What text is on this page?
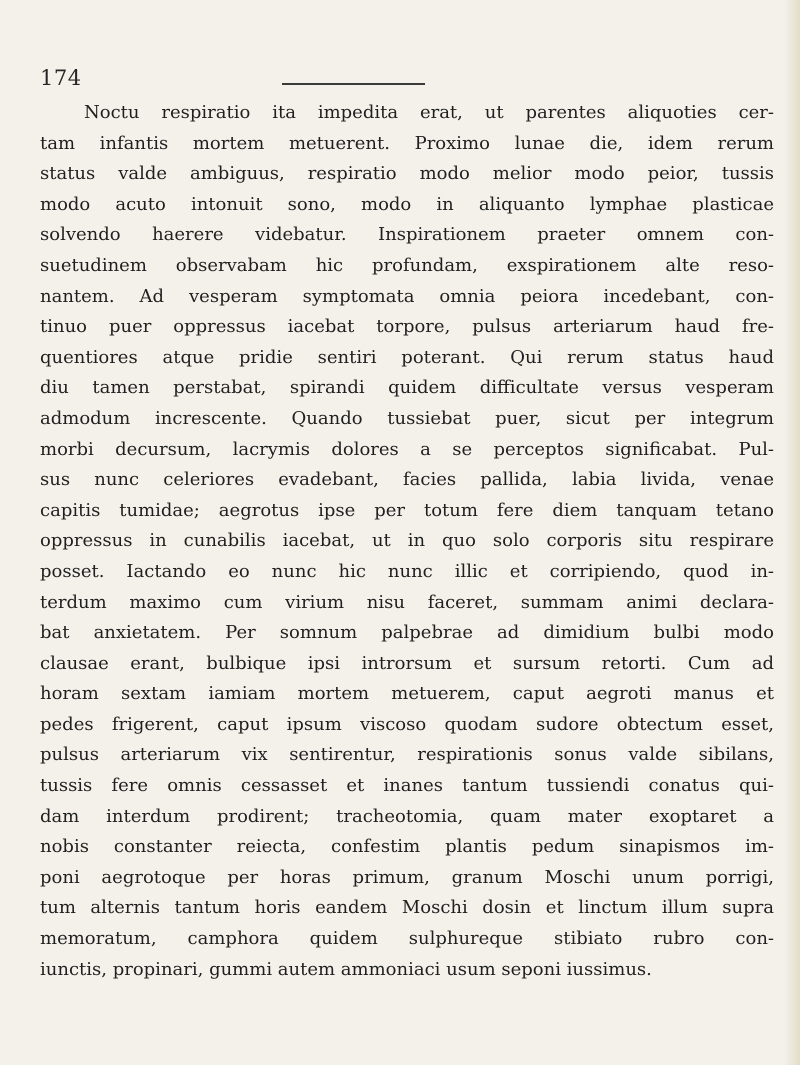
174
Noctu respiratio ita impedita erat, ut parentes aliquoties cer-
tam infantis mortem metuerent. Proximo lunae die, idem rerum
status valde ambiguus, respiratio modo melior modo peior, tussis
modo acuto intonuit sono, modo in aliquanto lymphae plasticae
solvendo haerere videbatur. Inspirationem praeter omnem con-
suetudinem observabam hic profundam, exspirationem alte reso-
nantem. Ad vesperam symptomata omnia peiora incedebant, con-
tinuo puer oppressus iacebat torpore, pulsus arteriarum haud fre-
quentiores atque pridie sentiri poterant. Qui rerum status haud
diu tamen perstabat, spirandi quidem difficultate versus vesperam
admodum increscente. Quando tussiebat puer, sicut per integrum
morbi decursum, lacrymis dolores a se perceptos significabat. Pul-
sus nunc celeriores evadebant, facies pallida, labia livida, venae
capitis tumidae; aegrotus ipse per totum fere diem tanquam tetano
oppressus in cunabilis iacebat, ut in quo solo corporis situ respirare
posset. Iactando eo nunc hic nunc illic et corripiendo, quod in-
terdum maximo cum virium nisu faceret, summam animi declara-
bat anxietatem. Per somnum palpebrae ad dimidium bulbi modo
clausae erant, bulbique ipsi introrsum et sursum retorti. Cum ad
horam sextam iamiam mortem metuerem, caput aegroti manus et
pedes frigerent, caput ipsum viscoso quodam sudore obtectum esset,
pulsus arteriarum vix sentirentur, respirationis sonus valde sibilans,
tussis fere omnis cessasset et inanes tantum tussiendi conatus qui-
dam interdum prodirent; tracheotomia, quam mater exoptaret a
nobis constanter reiecta, confestim plantis pedum sinapismos im-
poni aegrotoque per horas primum, granum Moschi unum porrigi,
tum alternis tantum horis eandem Moschi dosin et linctum illum supra
memoratum, camphora quidem sulphureque stibiato rubro con-
iunctis, propinari, gummi autem ammoniaci usum seponi iussimus.
